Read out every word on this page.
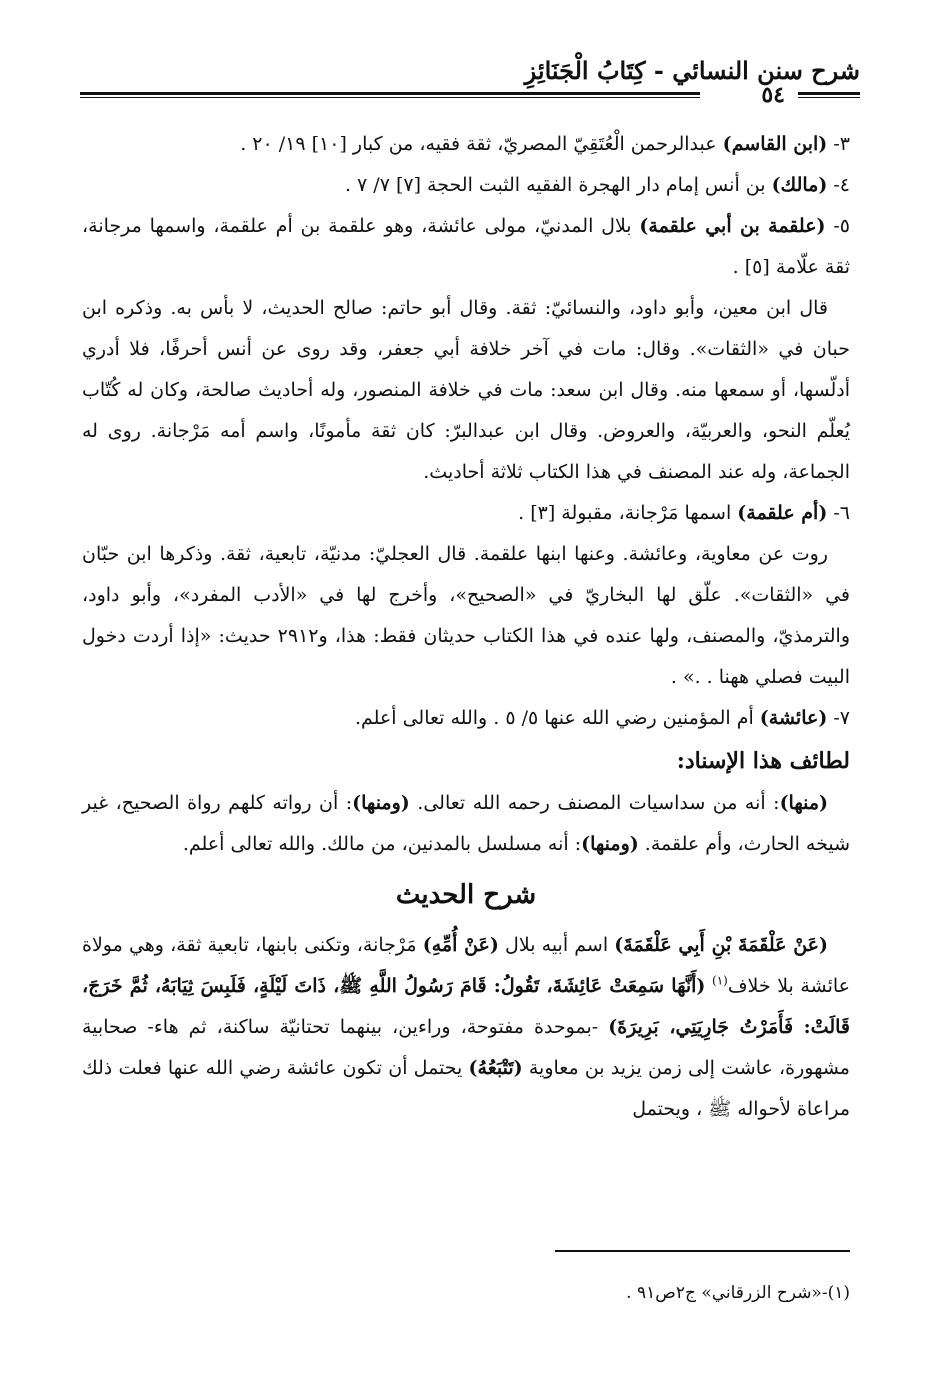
شرح سنن النسائي - كِتَابُ الْجَنَائِزِ
٥٤

٣- (ابن القاسم) عبدالرحمن الْعُتَقِيّ المصريّ، ثقة فقيه، من كبار [١٠] ١٩/ ٢٠ .

٤- (مالك) بن أنس إمام دار الهجرة الفقيه الثبت الحجة [٧] ٧/ ٧ .

٥- (علقمة بن أبي علقمة) بلال المدنيّ، مولى عائشة، وهو علقمة بن أم علقمة، واسمها مرجانة، ثقة علّامة [٥] .

قال ابن معين، وأبو داود، والنسائيّ: ثقة. وقال أبو حاتم: صالح الحديث، لا بأس به. وذكره ابن حبان في «الثقات». وقال: مات في آخر خلافة أبي جعفر، وقد روى عن أنس أحرفًا، فلا أدري أدلّسها، أو سمعها منه. وقال ابن سعد: مات في خلافة المنصور، وله أحاديث صالحة، وكان له كُتّاب يُعلّم النحو، والعربيّة، والعروض. وقال ابن عبدالبرّ: كان ثقة مأمونًا، واسم أمه مَرْجانة. روى له الجماعة، وله عند المصنف في هذا الكتاب ثلاثة أحاديث.

٦- (أم علقمة) اسمها مَرْجانة، مقبولة [٣] .

روت عن معاوية، وعائشة. وعنها ابنها علقمة. قال العجليّ: مدنيّة، تابعية، ثقة. وذكرها ابن حبّان في «الثقات». علّق لها البخاريّ في «الصحيح»، وأخرج لها في «الأدب المفرد»، وأبو داود، والترمذيّ، والمصنف، ولها عنده في هذا الكتاب حديثان فقط: هذا، و٢٩١٢ حديث: «إذا أردت دخول البيت فصلي ههنا . .» .

٧- (عائشة) أم المؤمنين رضي الله عنها ٥/ ٥ . والله تعالى أعلم.

لطائف هذا الإسناد:

(منها): أنه من سداسيات المصنف رحمه الله تعالى. (ومنها): أن رواته كلهم رواة الصحيح، غير شيخه الحارث، وأم علقمة. (ومنها): أنه مسلسل بالمدنين، من مالك. والله تعالى أعلم.

شرح الحديث

(عَنْ عَلْقَمَةَ بْنِ أَبِي عَلْقَمَةَ) اسم أبيه بلال (عَنْ أُمِّهِ) مَرْجانة، وتكنى بابنها، تابعية ثقة، وهي مولاة عائشة بلا خلاف$^{(١)}$ (أَنَّهَا سَمِعَتْ عَائِشَةَ، تَقُولُ: قَامَ رَسُولُ اللَّهِ ﷺ، ذَاتَ لَيْلَةٍ، فَلَبِسَ ثِيَابَهُ، ثُمَّ خَرَجَ، قَالَتْ: فَأَمَرْتُ جَارِيَتِي، بَرِيرَةَ) -بموحدة مفتوحة، وراءين، بينهما تحتانيّة ساكنة، ثم هاء- صحابية مشهورة، عاشت إلى زمن يزيد بن معاوية (تَتْبَعُهُ) يحتمل أن تكون عائشة رضي الله عنها فعلت ذلك مراعاة لأحواله ﷺ ، ويحتمل

(١)-«شرح الزرقاني» ج٢ص٩١ .
